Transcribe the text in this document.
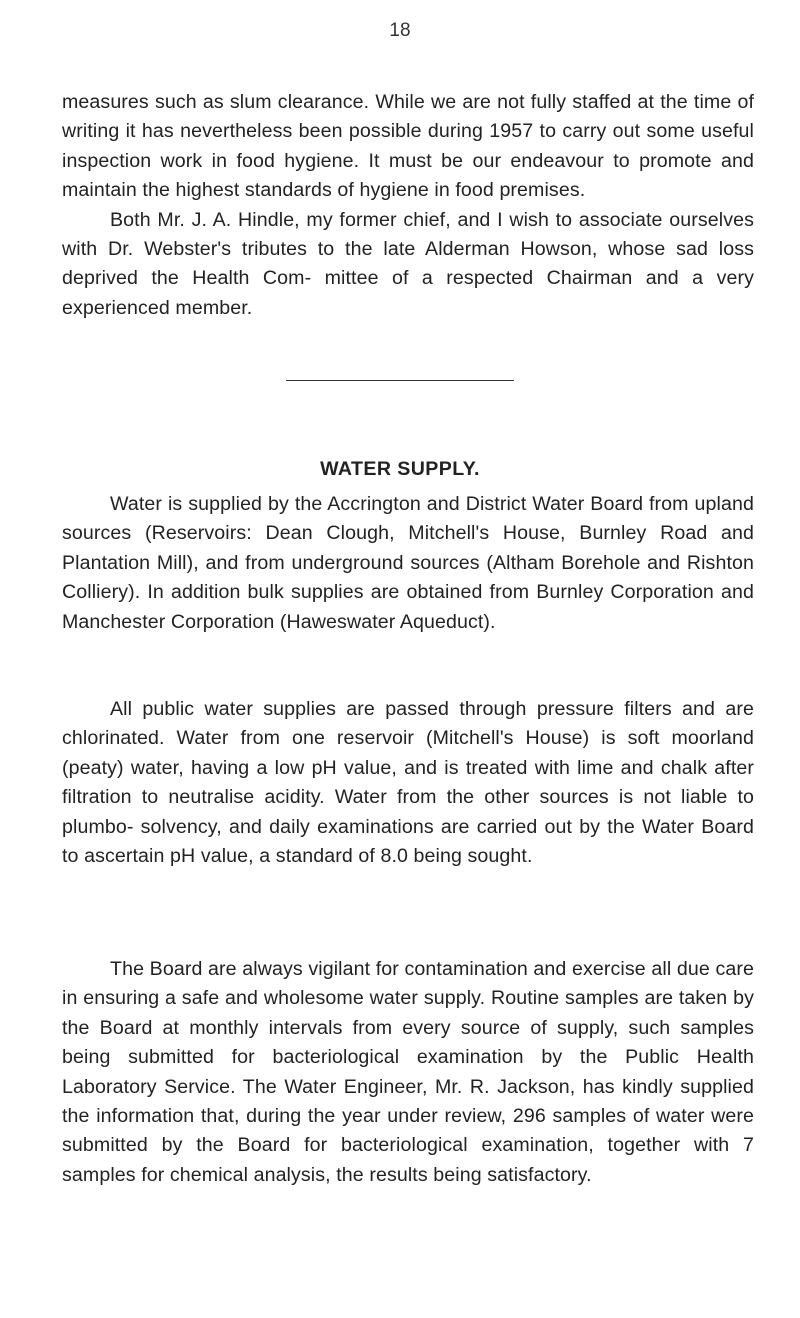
18

measures such as slum clearance. While we are not fully staffed at the time of writing it has nevertheless been possible during 1957 to carry out some useful inspection work in food hygiene. It must be our endeavour to promote and maintain the highest standards of hygiene in food premises.

Both Mr. J. A. Hindle, my former chief, and I wish to associate ourselves with Dr. Webster's tributes to the late Alderman Howson, whose sad loss deprived the Health Com- mittee of a respected Chairman and a very experienced member.

WATER SUPPLY.

Water is supplied by the Accrington and District Water Board from upland sources (Reservoirs: Dean Clough, Mitchell's House, Burnley Road and Plantation Mill), and from underground sources (Altham Borehole and Rishton Colliery). In addition bulk supplies are obtained from Burnley Corporation and Manchester Corporation (Haweswater Aqueduct).

All public water supplies are passed through pressure filters and are chlorinated. Water from one reservoir (Mitchell's House) is soft moorland (peaty) water, having a low pH value, and is treated with lime and chalk after filtration to neutralise acidity. Water from the other sources is not liable to plumbo- solvency, and daily examinations are carried out by the Water Board to ascertain pH value, a standard of 8.0 being sought.

The Board are always vigilant for contamination and exercise all due care in ensuring a safe and wholesome water supply. Routine samples are taken by the Board at monthly intervals from every source of supply, such samples being submitted for bacteriological examination by the Public Health Laboratory Service. The Water Engineer, Mr. R. Jackson, has kindly supplied the information that, during the year under review, 296 samples of water were submitted by the Board for bacteriological examination, together with 7 samples for chemical analysis, the results being satisfactory.
